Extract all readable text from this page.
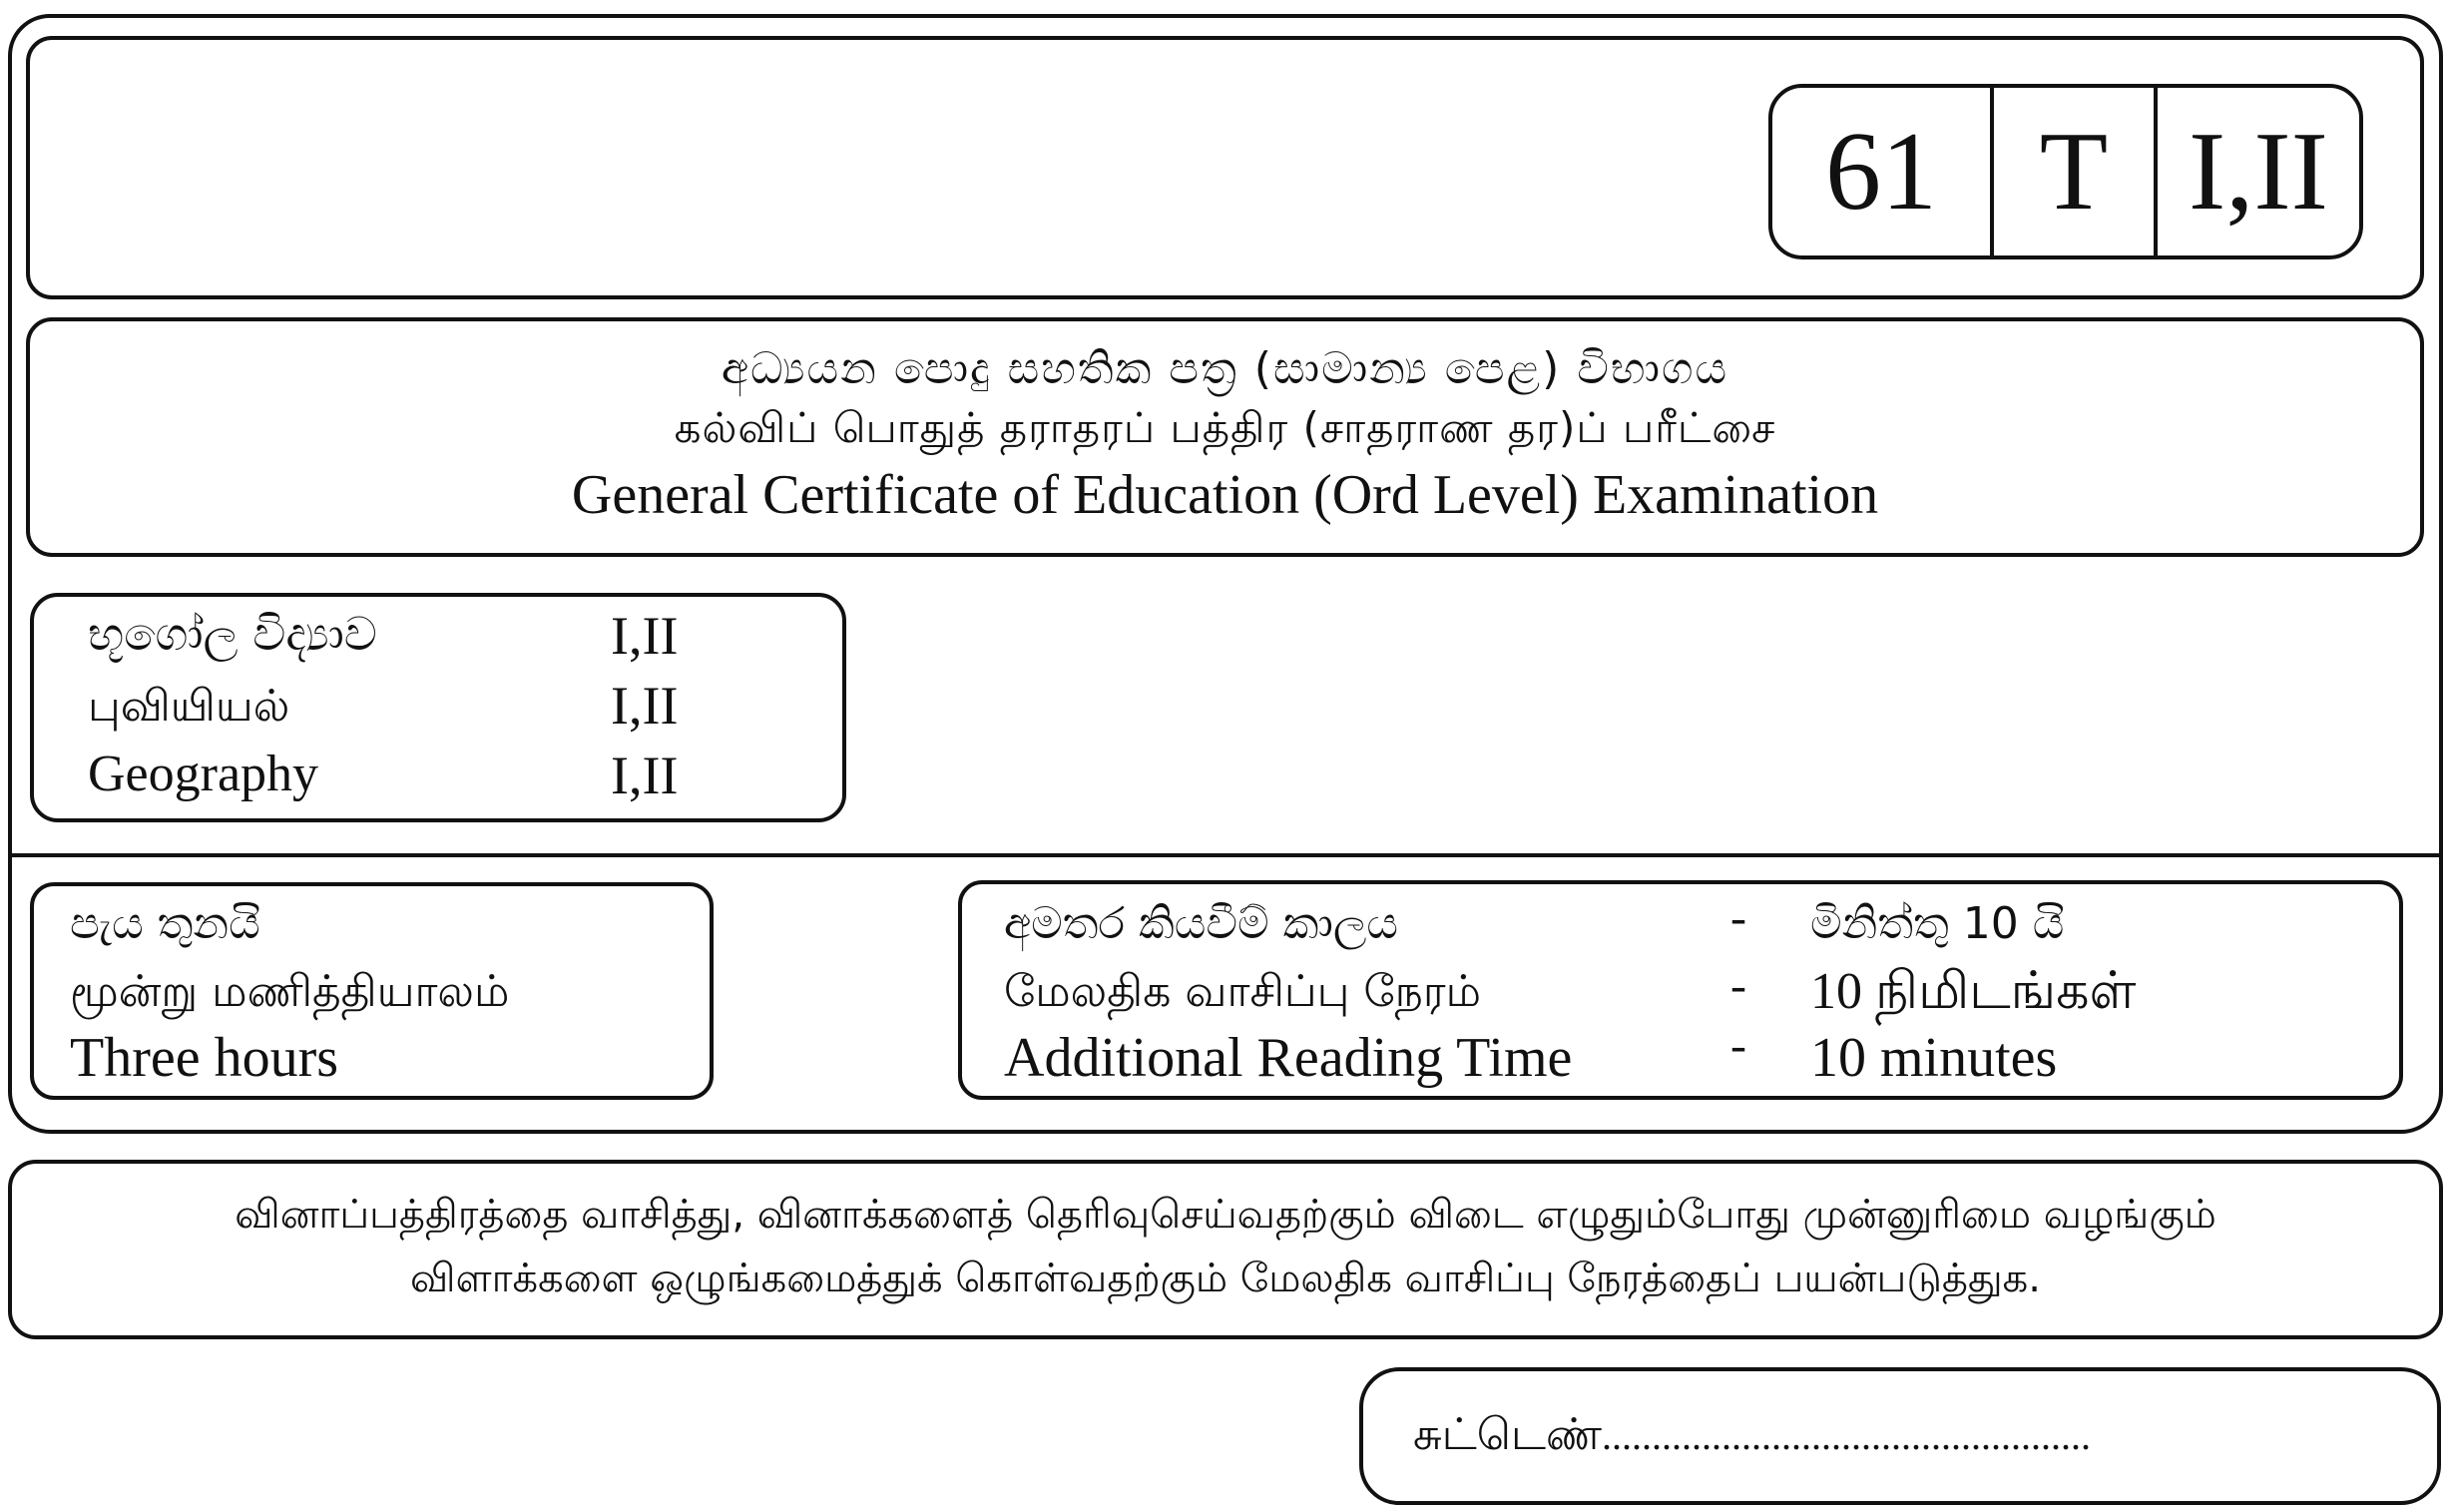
61 T I,II
අධ්‍යයන පොදු සහතික පත්‍ර (සාමාන්‍ය පෙළ) විභාගය
கல்விப் பொதுத் தராதரப் பத்திர (சாதராண தர)ப் பரீட்சை
General Certificate of Education (Ord Level) Examination
භූගෝල විද්‍යාව	I,II
புவியியல்	I,II
Geography	I,II
පැය තුනයි
மூன்று மணித்தியாலம்
Three hours
අමතර කියවීම් කාලය	- මිනිත්තු 10 යි
மேலதிக வாசிப்பு நேரம்	- 10 நிமிடங்கள்
Additional Reading Time	- 10 minutes
வினாப்பத்திரத்தை வாசித்து, வினாக்களைத் தெரிவுசெய்வதற்கும் விடை எழுதும்போது முன்னுரிமை வழங்கும்
விளாக்களை ஒழுங்கமைத்துக் கொள்வதற்கும் மேலதிக வாசிப்பு நேரத்தைப் பயன்படுத்துக.
சுட்டெண்.................................................
